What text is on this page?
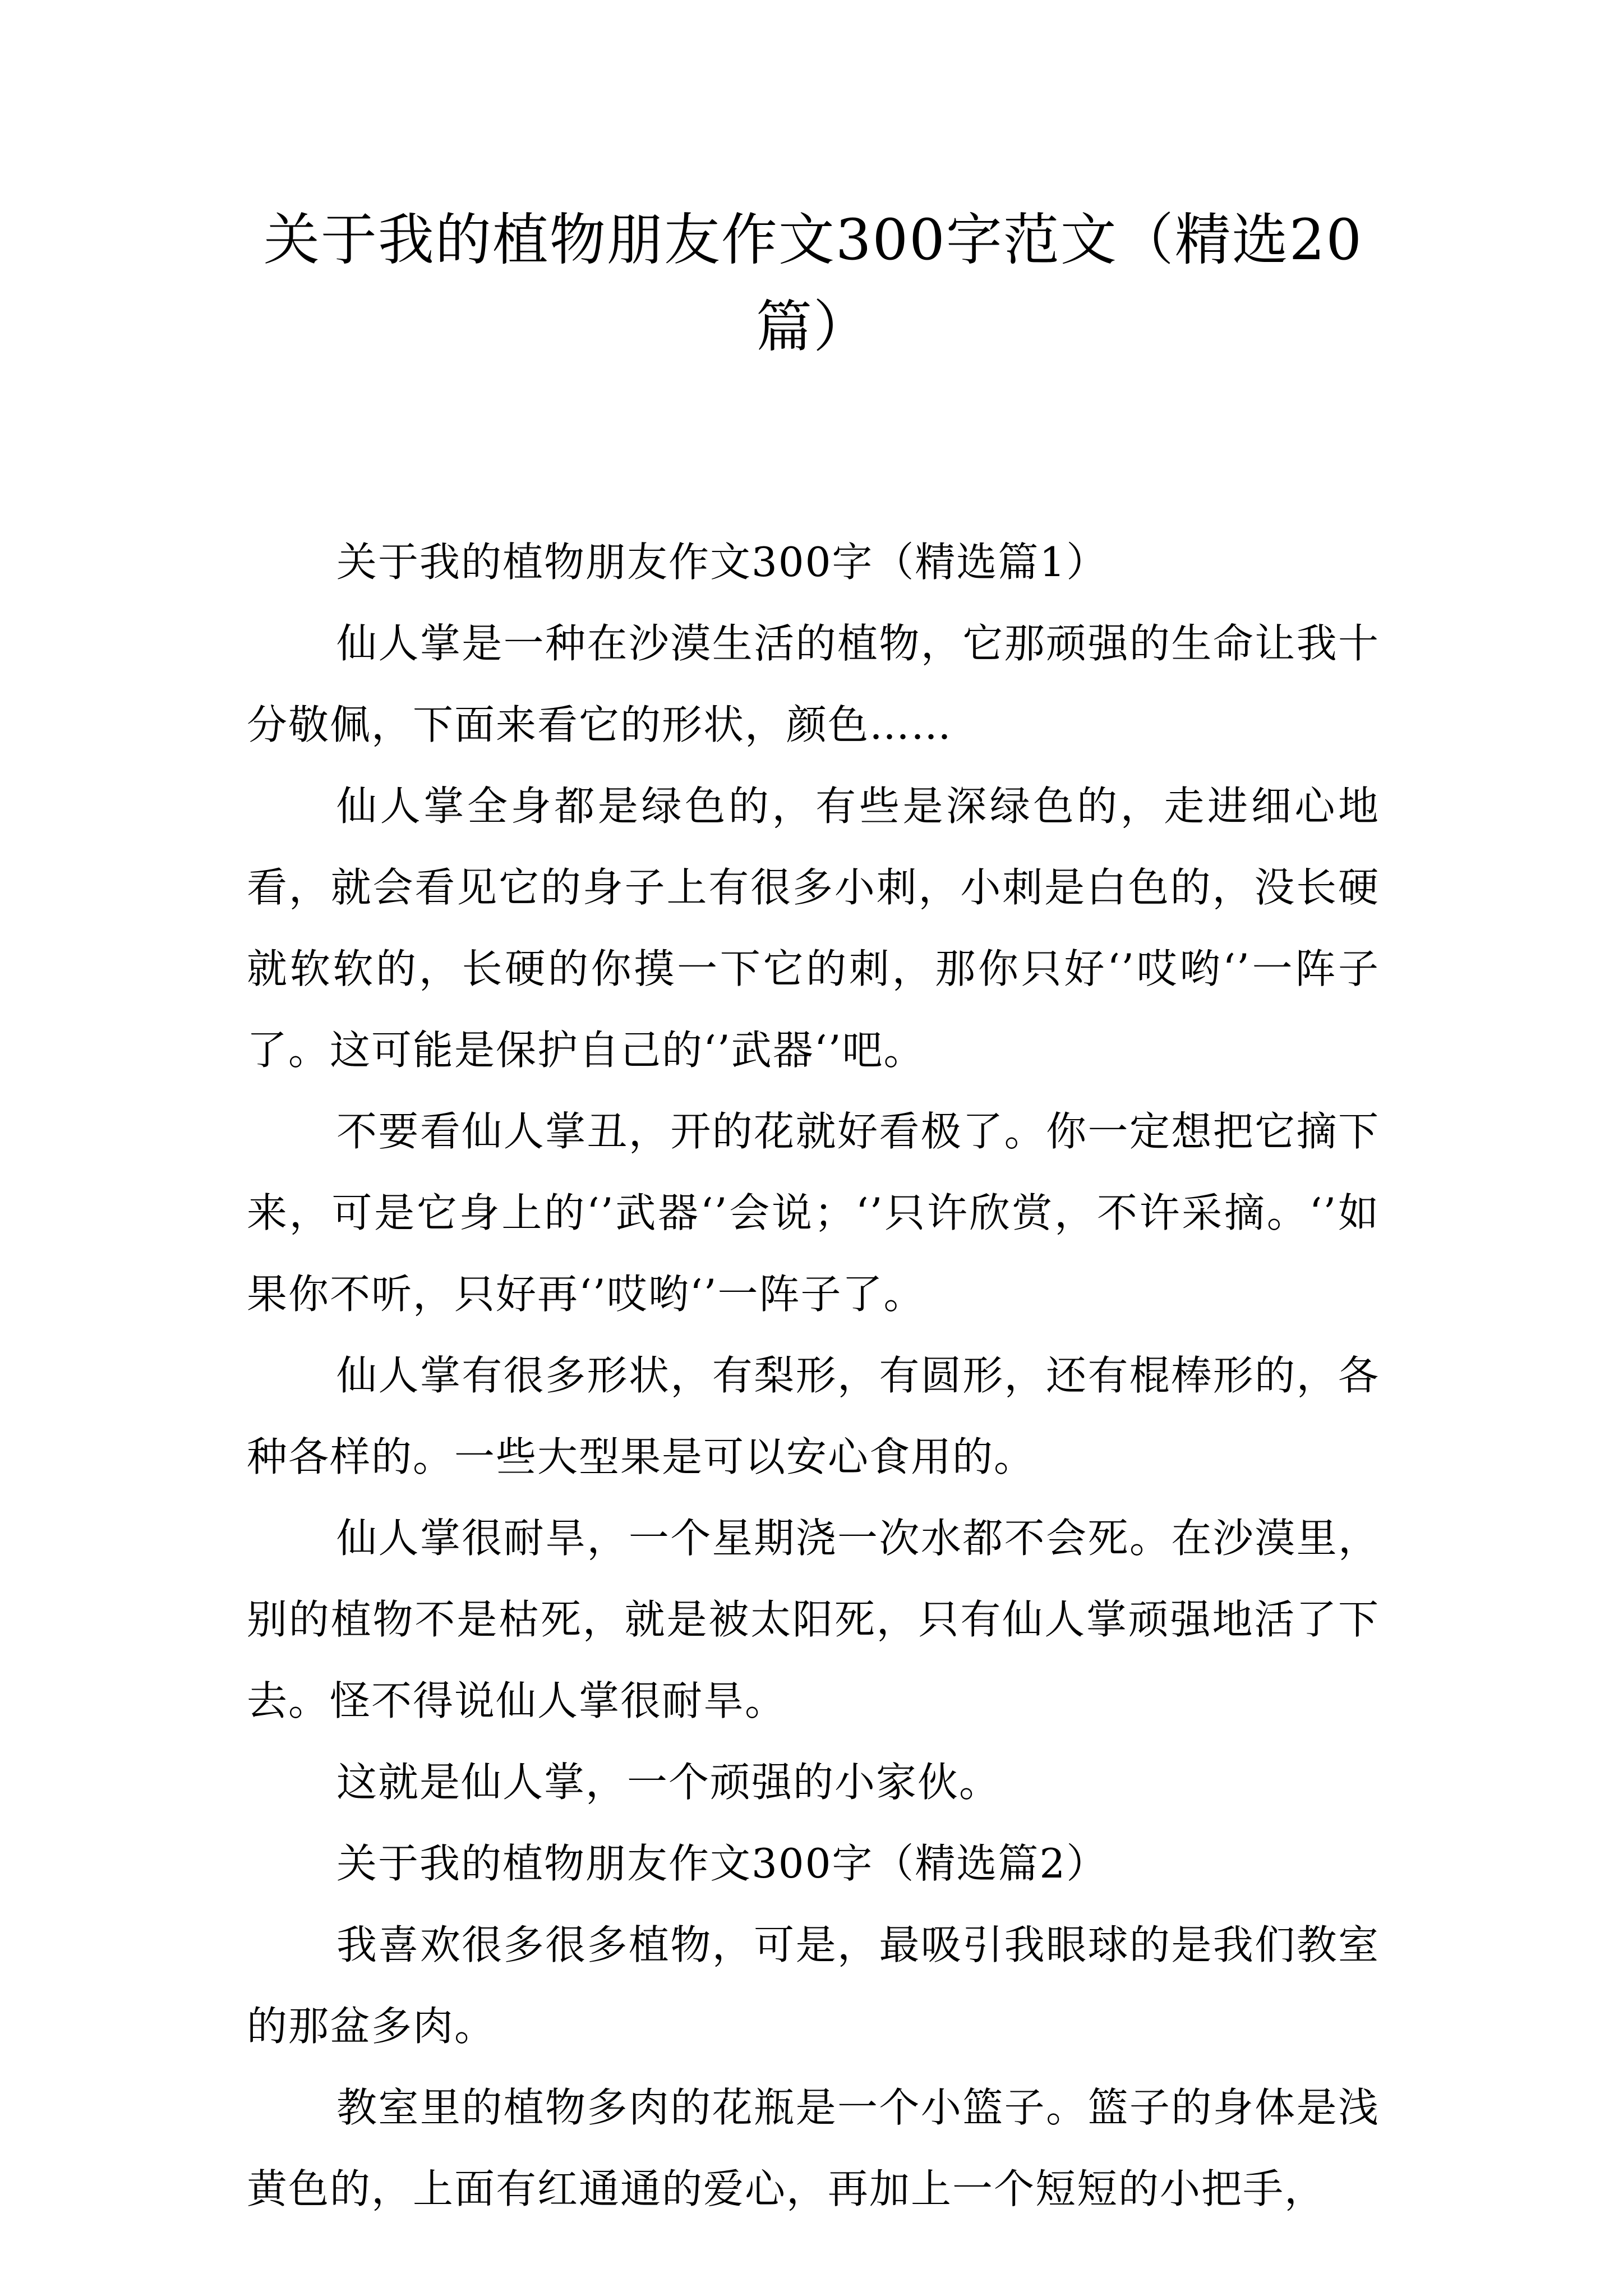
关于我的植物朋友作文300字范文（精选20篇）

关于我的植物朋友作文300字（精选篇1）

仙人掌是一种在沙漠生活的植物，它那顽强的生命让我十分敬佩，下面来看它的形状，颜色……

仙人掌全身都是绿色的，有些是深绿色的，走进细心地看，就会看见它的身子上有很多小刺，小刺是白色的，没长硬就软软的，长硬的你摸一下它的刺，那你只好‘’哎哟‘’一阵子了。这可能是保护自己的‘’武器‘’吧。

不要看仙人掌丑，开的花就好看极了。你一定想把它摘下来，可是它身上的‘’武器‘’会说；‘’只许欣赏，不许采摘。‘’如果你不听，只好再‘’哎哟‘’一阵子了。

仙人掌有很多形状，有梨形，有圆形，还有棍棒形的，各种各样的。一些大型果是可以安心食用的。

仙人掌很耐旱，一个星期浇一次水都不会死。在沙漠里，别的植物不是枯死，就是被太阳死，只有仙人掌顽强地活了下去。怪不得说仙人掌很耐旱。

这就是仙人掌，一个顽强的小家伙。

关于我的植物朋友作文300字（精选篇2）

我喜欢很多很多植物，可是，最吸引我眼球的是我们教室的那盆多肉。

教室里的植物多肉的花瓶是一个小篮子。篮子的身体是浅黄色的，上面有红通通的爱心，再加上一个短短的小把手，
